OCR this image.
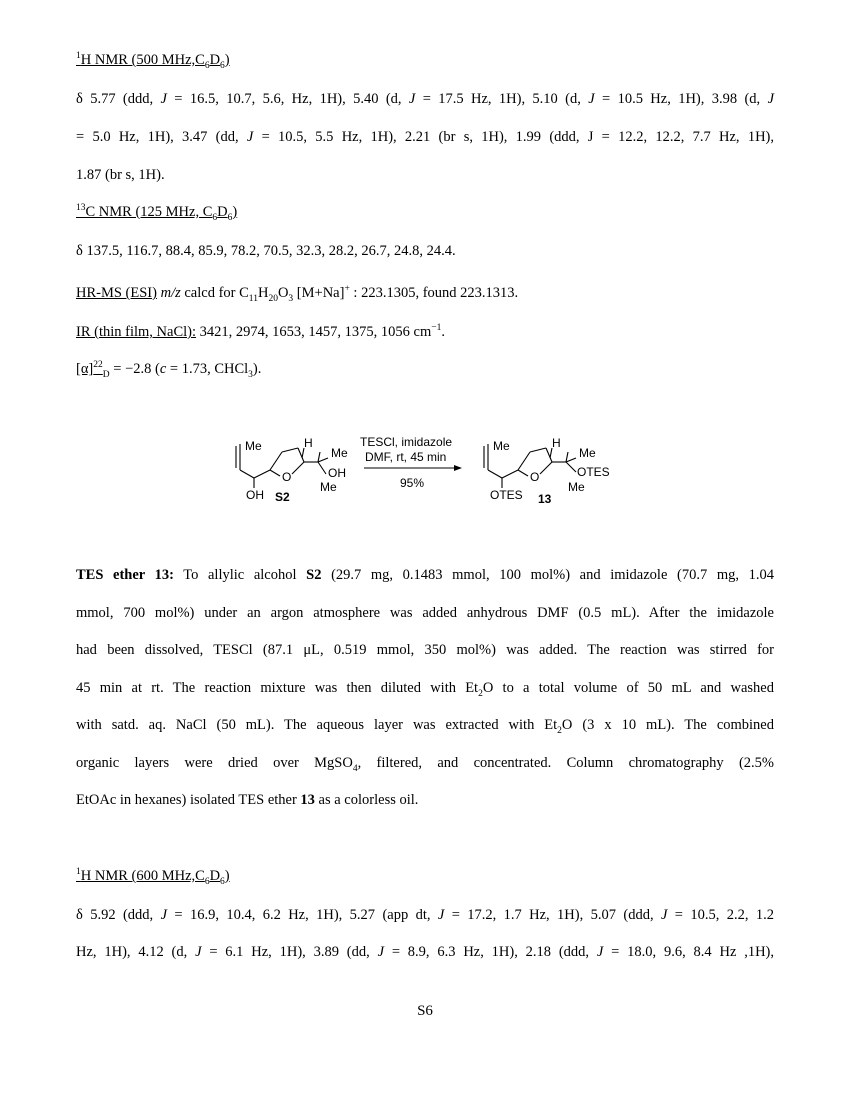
$^1$H NMR (500 $MHz,C_6D_6$)
δ 5.77 (ddd, J = 16.5, 10.7, 5.6, Hz, 1H), 5.40 (d, J = 17.5 Hz, 1H), 5.10 (d, J = 10.5 Hz, 1H), 3.98 (d, J
= 5.0 Hz, 1H), 3.47 (dd, J = 10.5, 5.5 Hz, 1H), 2.21 (br s, 1H), 1.99 (ddd, J = 12.2, 12.2, 7.7 Hz, 1H),
1.87 (br s, 1H).
$^{13}$C NMR (125 MHz, $C_6D_6$)
δ 137.5, 116.7, 88.4, 85.9, 78.2, 70.5, 32.3, 28.2, 26.7, 24.8, 24.4.
HR-MS (ESI) m/z calcd for $C_{11}H_{20}O_3$ [M+Na]+ : 223.1305, found 223.1313.
IR (thin film, NaCl): 3421, 2974, 1653, 1457, 1375, 1056 $cm^{-1}$.
$[\alpha]^{22}_D = -2.8$ (c = 1.73, CHCl$_3$).
TES ether 13: To allylic alcohol S2 (29.7 mg, 0.1483 mmol, 100 mol%) and imidazole (70.7 mg, 1.04
mmol, 700 mol%) under an argon atmosphere was added anhydrous DMF (0.5 mL). After the imidazole
had been dissolved, TESCl (87.1 μL, 0.519 mmol, 350 mol%) was added. The reaction was stirred for
45 min at rt. The reaction mixture was then diluted with $Et_2O$ to a total volume of 50 mL and washed
with satd. aq. NaCl (50 mL). The aqueous layer was extracted with $Et_2O$ (3 x 10 mL). The combined
organic layers were dried over MgSO$_4$, filtered, and concentrated. Column chromatography (2.5%
EtOAc in hexanes) isolated TES ether 13 as a colorless oil.
$^1$H NMR (600 $MHz,C_6D_6$)
δ 5.92 (ddd, J = 16.9, 10.4, 6.2 Hz, 1H), 5.27 (app dt, J = 17.2, 1.7 Hz, 1H), 5.07 (ddd, J = 10.5, 2.2, 1.2
Hz, 1H), 4.12 (d, J = 6.1 Hz, 1H), 3.89 (dd, J = 8.9, 6.3 Hz, 1H), 2.18 (ddd, J = 18.0, 9.6, 8.4 Hz ,1H),
Me	H
Me
OH
Me
O
OH S2
TESCl, imidazole
DMF, rt, 45 min
95%
Me	H
Me
OTES
Me
O
OTES 13
S6
